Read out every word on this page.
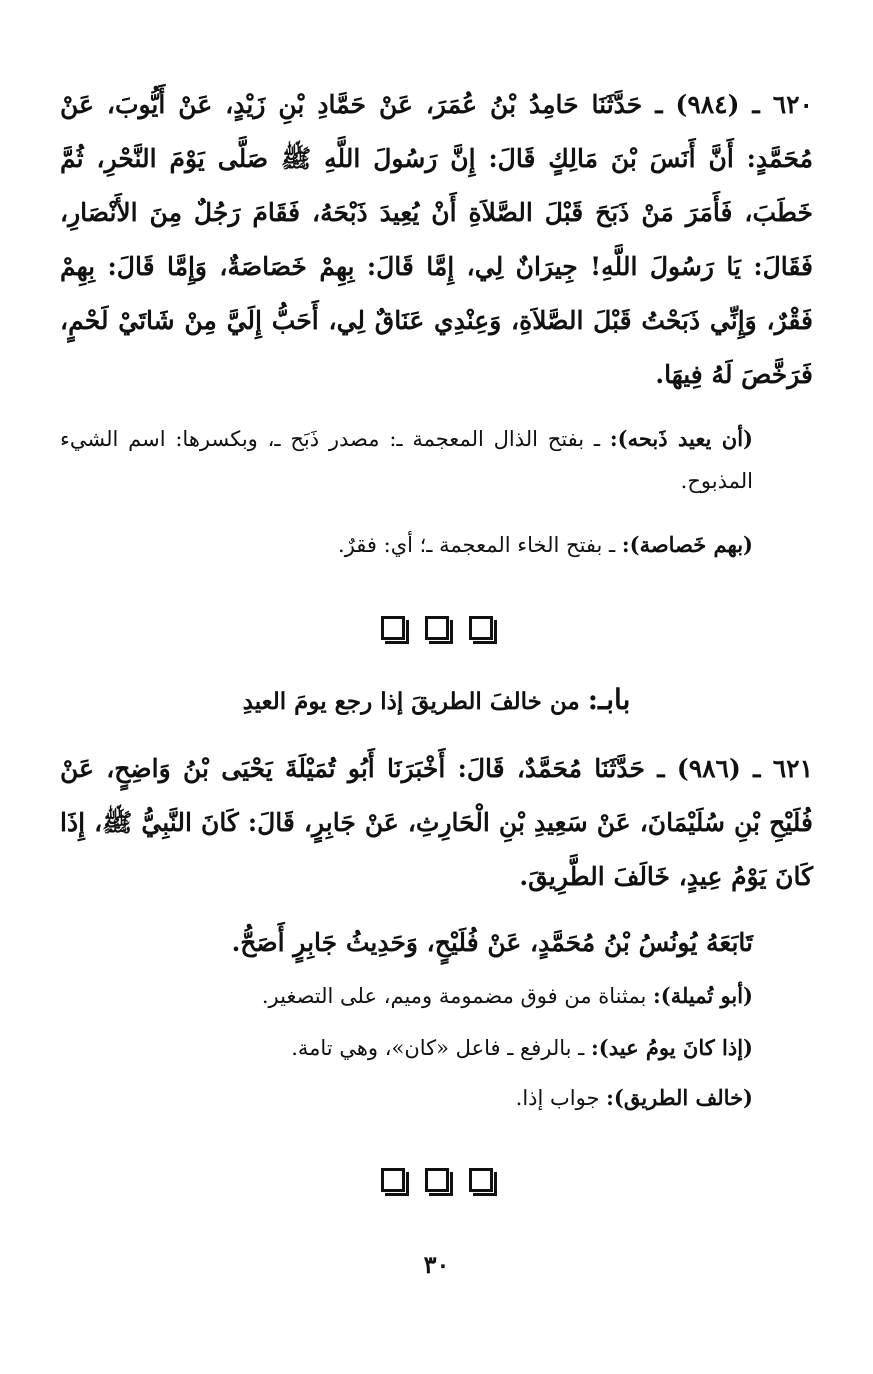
٦٢٠ ـ (٩٨٤) ـ حَدَّثَنَا حَامِدُ بْنُ عُمَرَ، عَنْ حَمَّادِ بْنِ زَيْدٍ، عَنْ أَيُّوبَ، عَنْ مُحَمَّدٍ: أَنَّ أَنَسَ بْنَ مَالِكٍ قَالَ: إِنَّ رَسُولَ اللَّهِ ﷺ صَلَّى يَوْمَ النَّحْرِ، ثُمَّ خَطَبَ، فَأَمَرَ مَنْ ذَبَحَ قَبْلَ الصَّلاَةِ أَنْ يُعِيدَ ذَبْحَهُ، فَقَامَ رَجُلٌ مِنَ الأَنْصَارِ، فَقَالَ: يَا رَسُولَ اللَّهِ! جِيرَانٌ لِي، إِمَّا قَالَ: بِهِمْ خَصَاصَةٌ، وَإِمَّا قَالَ: بِهِمْ فَقْرٌ، وَإِنِّي ذَبَحْتُ قَبْلَ الصَّلاَةِ، وَعِنْدِي عَنَاقٌ لِي، أَحَبُّ إِلَيَّ مِنْ شَاتَيْ لَحْمٍ، فَرَخَّصَ لَهُ فِيهَا.
(أن يعيد ذَبحه): ـ بفتح الذال المعجمة ـ: مصدر ذَبَح ـ، وبكسرها: اسم الشيء المذبوح.
(بهم خَصاصة): ـ بفتح الخاء المعجمة ـ؛ أي: فقرٌ.
بابـ: من خالفَ الطريقَ إذا رجع يومَ العيدِ
٦٢١ ـ (٩٨٦) ـ حَدَّثَنَا مُحَمَّدٌ، قَالَ: أَخْبَرَنَا أَبُو تُمَيْلَةَ يَحْيَى بْنُ وَاضِحٍ، عَنْ فُلَيْحِ بْنِ سُلَيْمَانَ، عَنْ سَعِيدِ بْنِ الْحَارِثِ، عَنْ جَابِرٍ، قَالَ: كَانَ النَّبِيُّ ﷺ، إِذَا كَانَ يَوْمُ عِيدٍ، خَالَفَ الطَّرِيقَ.
تَابَعَهُ يُونُسُ بْنُ مُحَمَّدٍ، عَنْ فُلَيْحٍ، وَحَدِيثُ جَابِرٍ أَصَحُّ.
(أبو تُميلة): بمثناة من فوق مضمومة وميم، على التصغير.
(إذا كانَ يومُ عيد): ـ بالرفع ـ فاعل «كان»، وهي تامة.
(خالف الطريق): جواب إذا.
٣٠
